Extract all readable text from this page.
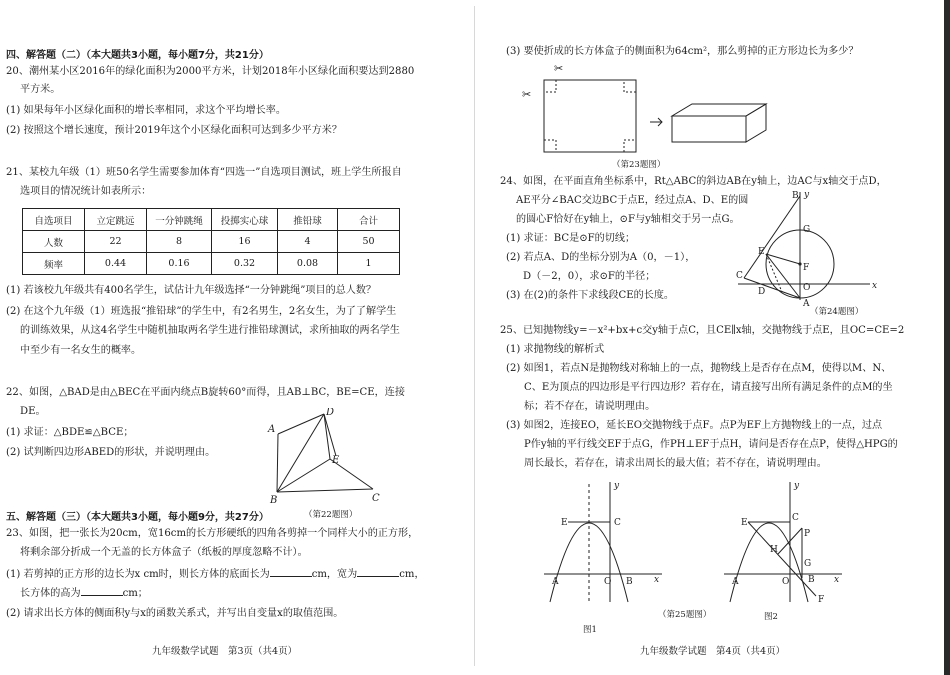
四、解答题（二）（本大题共3小题，每小题7分，共21分）
20、潮州某小区2016年的绿化面积为2000平方米，计划2018年小区绿化面积要达到2880
平方米。
(1) 如果每年小区绿化面积的增长率相同，求这个平均增长率。
(2) 按照这个增长速度，预计2019年这个小区绿化面积可达到多少平方米？
21、某校九年级（1）班50名学生需要参加体育“四选一”自选项目测试，班上学生所报自
选项目的情况统计如表所示：
自选项目	立定跳远	一分钟跳绳	投掷实心球	推铅球	合计
人数	22	8	16	4	50
频率	0.44	0.16	0.32	0.08	1
(1) 若该校九年级共有400名学生，试估计九年级选择“一分钟跳绳”项目的总人数？
(2) 在这个九年级（1）班选报“推铅球”的学生中，有2名男生，2名女生，为了了解学生
的训练效果，从这4名学生中随机抽取两名学生进行推铅球测试，求所抽取的两名学生
中至少有一名女生的概率。
22、如图，△BAD是由△BEC在平面内绕点B旋转60°而得，且AB⊥BC，BE=CE，连接
DE。
(1) 求证：△BDE≌△BCE；
(2) 试判断四边形ABED的形状，并说明理由。
A
D
E
B	C
（第22题图）
五、解答题（三）（本大题共3小题，每小题9分，共27分）
23、如图，把一张长为20cm，宽16cm的长方形硬纸的四角各剪掉一个同样大小的正方形，
将剩余部分折成一个无盖的长方体盒子（纸板的厚度忽略不计）。
(1) 若剪掉的正方形的边长为x cm时，则长方体的底面长为	cm，宽为	cm，
长方体的高为	cm；
(2) 请求出长方体的侧面积y与x的函数关系式，并写出自变量x的取值范围。
九年级数学试题　第3页（共4页）
(3) 要使折成的长方体盒子的侧面积为64cm²，那么剪掉的正方形边长为多少？
✂
✂
（第23题图）
24、如图，在平面直角坐标系中，Rt△ABC的斜边AB在y轴上，边AC与x轴交于点D，
AE平分∠BAC交边BC于点E，经过点A、D、E的圆
的圆心F恰好在y轴上，⊙F与y轴相交于另一点G。
(1) 求证：BC是⊙F的切线；
(2) 若点A、D的坐标分别为A（0，－1），
D（－2，0），求⊙F的半径；
(3) 在(2)的条件下求线段CE的长度。
y
x
B
G
E
C
F
O
D
A
（第24题图）
25、已知抛物线y=－x²+bx+c交y轴于点C，且CE∥x轴，交抛物线于点E，且OC=CE=2
(1) 求抛物线的解析式
(2) 如图1，若点N是抛物线对称轴上的一点，抛物线上是否存在点M，使得以M、N、
C、E为顶点的四边形是平行四边形？若存在，请直接写出所有满足条件的点M的坐
标；若不存在，请说明理由。
(3) 如图2，连接EO，延长EO交抛物线于点F。点P为EF上方抛物线上的一点，过点
P作y轴的平行线交EF于点G，作PH⊥EF于点H，请问是否存在点P，使得△HPG的
周长最长，若存在，请求出周长的最大值；若不存在，请说明理由。
y
x
E	C
A	O B
图1
（第25题图）
y
x
E	C
P
H
G
A	O B
F
图2
九年级数学试题　第4页（共4页）
